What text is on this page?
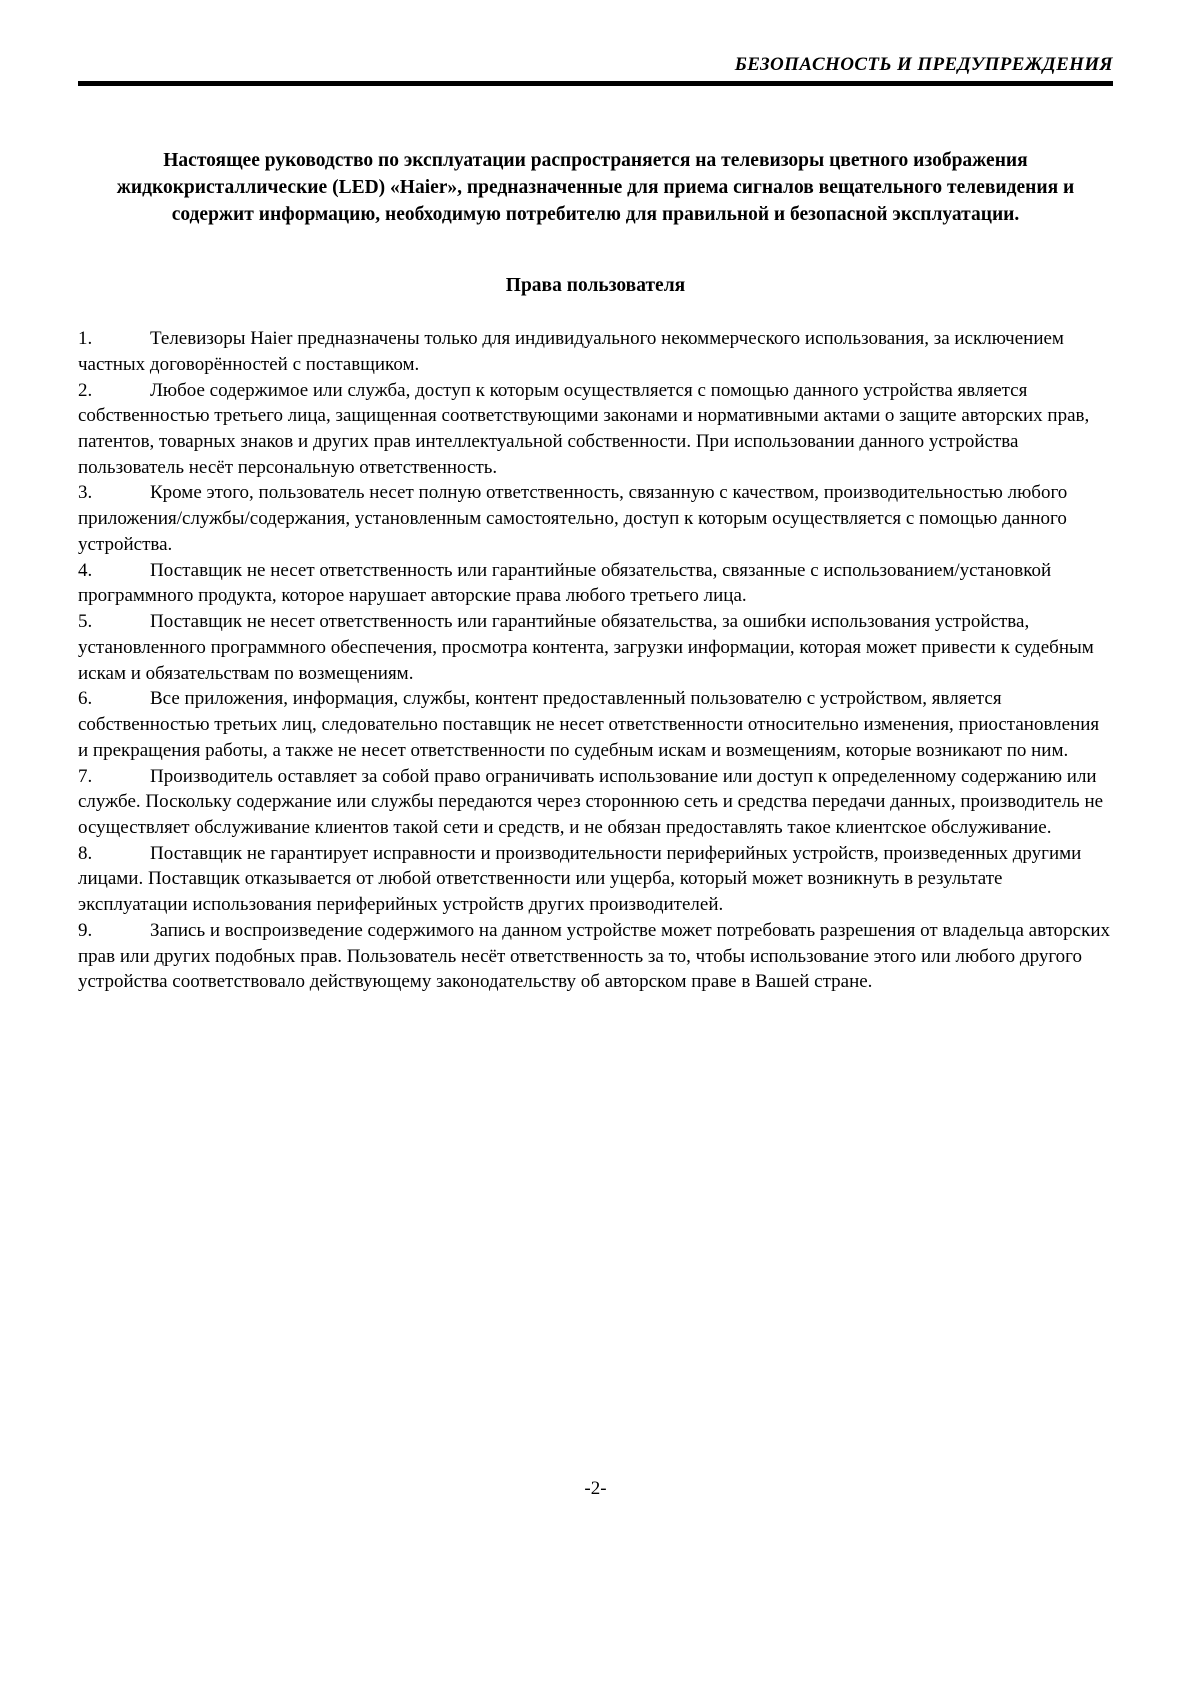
БЕЗОПАСНОСТЬ И ПРЕДУПРЕЖДЕНИЯ

Настоящее руководство по эксплуатации распространяется на телевизоры цветного изображения жидкокристаллические (LED) «Haier», предназначенные для приема сигналов вещательного телевидения и содержит информацию, необходимую потребителю для правильной и безопасной эксплуатации.

Права пользователя

1.	Телевизоры Haier предназначены только для индивидуального некоммерческого использования, за исключением частных договорённостей с поставщиком.

2.	Любое содержимое или служба, доступ к которым осуществляется с помощью данного устройства является собственностью третьего лица, защищенная соответствующими законами и нормативными актами о защите авторских прав, патентов, товарных знаков и других прав интеллектуальной собственности. При использовании данного устройства пользователь несёт персональную ответственность.

3.	Кроме этого, пользователь несет полную ответственность, связанную с качеством, производительностью любого приложения/службы/содержания, установленным самостоятельно, доступ к которым осуществляется с помощью данного устройства.

4.	Поставщик не несет ответственность или гарантийные обязательства, связанные с использованием/установкой программного продукта, которое нарушает авторские права любого третьего лица.

5.	Поставщик не несет ответственность или гарантийные обязательства, за ошибки использования устройства, установленного программного обеспечения, просмотра контента, загрузки информации, которая может привести к судебным искам и обязательствам по возмещениям.

6.	Все приложения, информация, службы, контент предоставленный пользователю с устройством, является собственностью третьих лиц, следовательно поставщик не несет ответственности относительно изменения, приостановления и прекращения работы, а также не несет ответственности по судебным искам и возмещениям, которые возникают по ним.

7.	Производитель оставляет за собой право ограничивать использование или доступ к определенному содержанию или службе. Поскольку содержание или службы передаются через стороннюю сеть и средства передачи данных, производитель не осуществляет обслуживание клиентов такой сети и средств, и не обязан предоставлять такое клиентское обслуживание.

8.	Поставщик не гарантирует исправности и производительности периферийных устройств, произведенных другими лицами. Поставщик отказывается от любой ответственности или ущерба, который может возникнуть в результате эксплуатации использования периферийных устройств других производителей.

9.	Запись и воспроизведение содержимого на данном устройстве может потребовать разрешения от владельца авторских прав или других подобных прав. Пользователь несёт ответственность за то, чтобы использование этого или любого другого устройства соответствовало действующему законодательству об авторском праве в Вашей стране.

-2-
